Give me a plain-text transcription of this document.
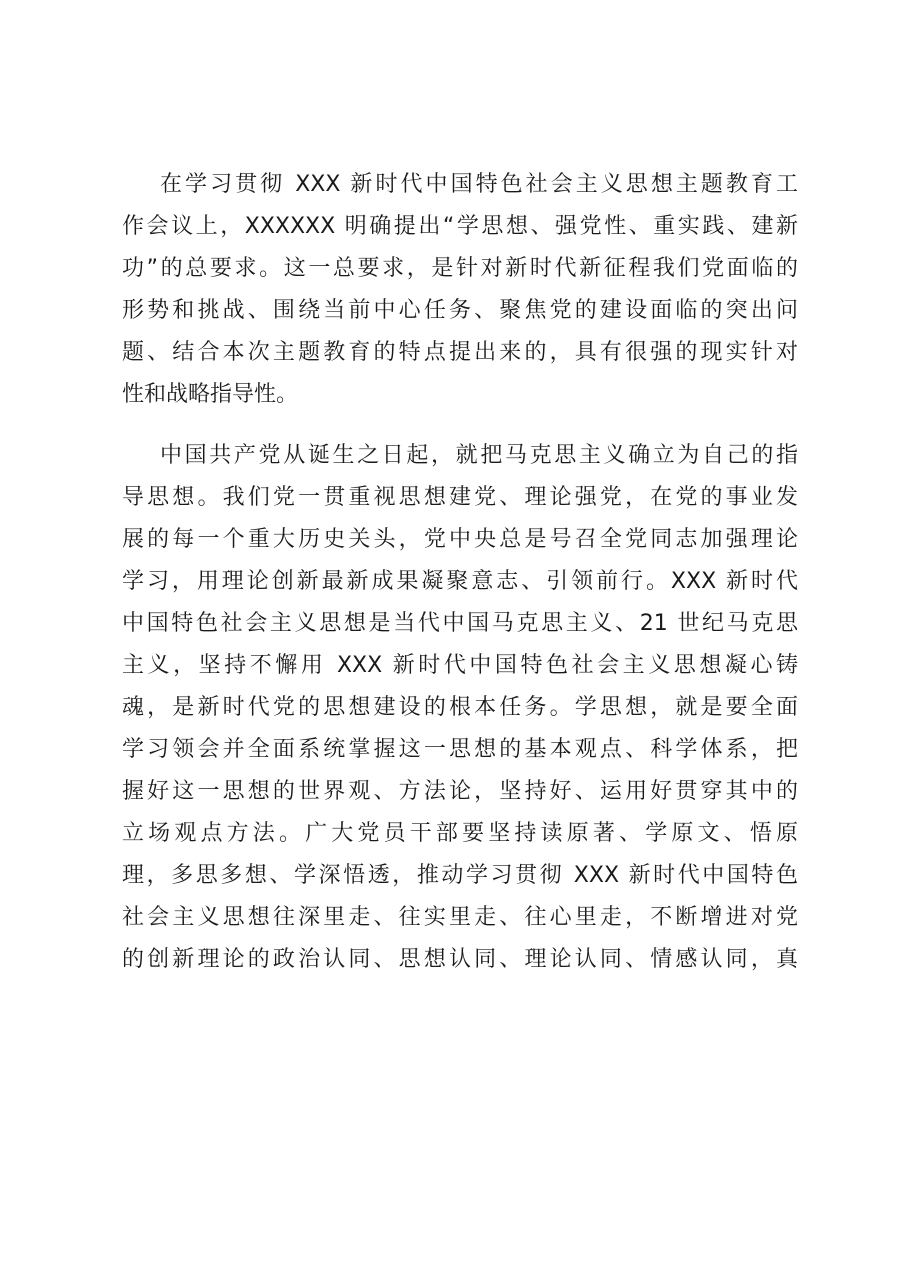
在学习贯彻 XXX 新时代中国特色社会主义思想主题教育工
作会议上，XXXXXX 明确提出“学思想、强党性、重实践、建新
功”的总要求。这一总要求，是针对新时代新征程我们党面临的
形势和挑战、围绕当前中心任务、聚焦党的建设面临的突出问
题、结合本次主题教育的特点提出来的，具有很强的现实针对
性和战略指导性。

中国共产党从诞生之日起，就把马克思主义确立为自己的指
导思想。我们党一贯重视思想建党、理论强党，在党的事业发
展的每一个重大历史关头，党中央总是号召全党同志加强理论
学习，用理论创新最新成果凝聚意志、引领前行。XXX 新时代
中国特色社会主义思想是当代中国马克思主义、21 世纪马克思
主义，坚持不懈用 XXX 新时代中国特色社会主义思想凝心铸
魂，是新时代党的思想建设的根本任务。学思想，就是要全面
学习领会并全面系统掌握这一思想的基本观点、科学体系，把
握好这一思想的世界观、方法论，坚持好、运用好贯穿其中的
立场观点方法。广大党员干部要坚持读原著、学原文、悟原
理，多思多想、学深悟透，推动学习贯彻 XXX 新时代中国特色
社会主义思想往深里走、往实里走、往心里走，不断增进对党
的创新理论的政治认同、思想认同、理论认同、情感认同，真
